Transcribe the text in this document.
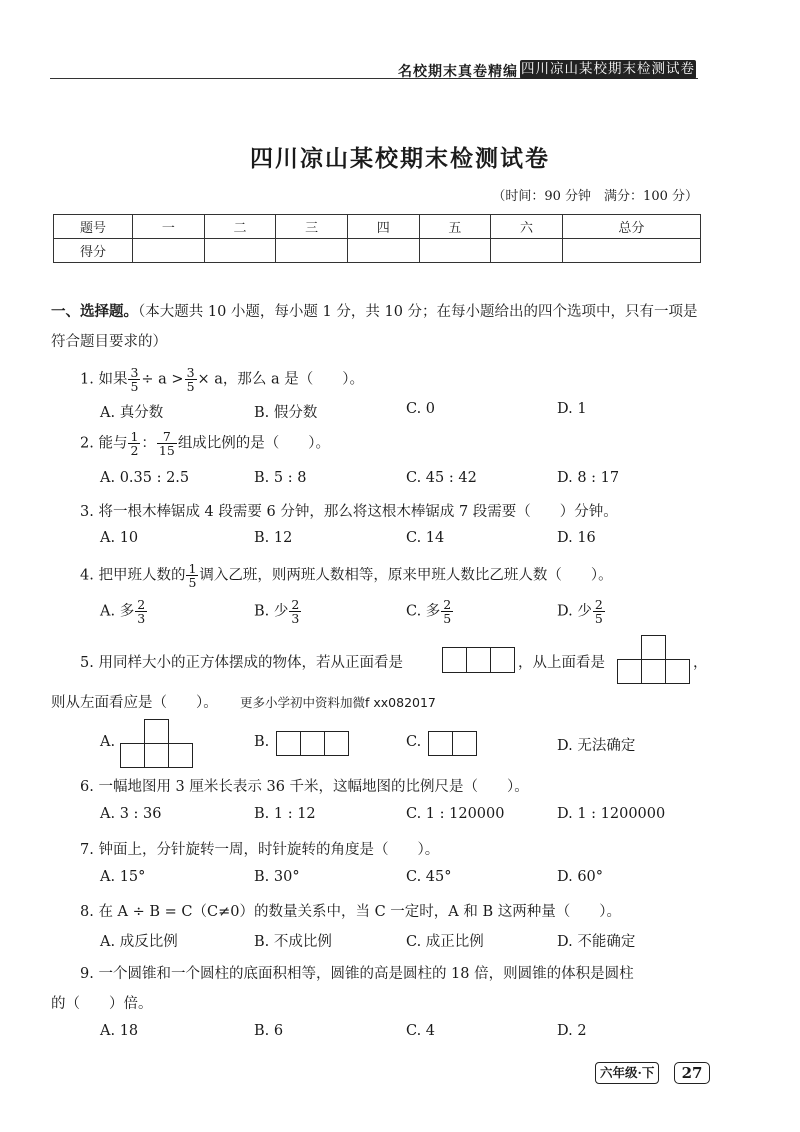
名校期末真卷精编 四川凉山某校期末检测试卷
四川凉山某校期末检测试卷
（时间：90 分钟　满分：100 分）
题号	一	二	三	四	五	六	总分
得分							
一、选择题。（本大题共 10 小题，每小题 1 分，共 10 分；在每小题给出的四个选项中，只有一项是符合题目要求的）
1. 如果 $\frac{3}{5} \div a > \frac{3}{5} \times a$，那么 a 是（　　）。
A. 真分数	B. 假分数	C. 0	D. 1
2. 能与 $\frac{1}{2}$ ： $\frac{7}{15}$ 组成比例的是（　　）。
A. 0.35 : 2.5	B. 5 : 8	C. 45 : 42	D. 8 : 17
3. 将一根木棒锯成 4 段需要 6 分钟，那么将这根木棒锯成 7 段需要（　　）分钟。
A. 10	B. 12	C. 14	D. 16
4. 把甲班人数的 $\frac{1}{5}$ 调入乙班，则两班人数相等，原来甲班人数比乙班人数（　　）。
A. 多 $\frac{2}{3}$	B. 少 $\frac{2}{3}$	C. 多 $\frac{2}{5}$	D. 少 $\frac{2}{5}$
5. 用同样大小的正方体摆成的物体，若从正面看是	，从上面看是	，
则从左面看应是（　　）。 更多小学初中资料加微f xx082017
A.	B.	C.	D. 无法确定
6. 一幅地图用 3 厘米长表示 36 千米，这幅地图的比例尺是（　　）。
A. 3 : 36	B. 1 : 12	C. 1 : 120000	D. 1 : 1200000
7. 钟面上，分针旋转一周，时针旋转的角度是（　　）。
A. 15°	B. 30°	C. 45°	D. 60°
8. 在 A ÷ B = C（C≠0）的数量关系中，当 C 一定时，A 和 B 这两种量（　　）。
A. 成反比例	B. 不成比例	C. 成正比例	D. 不能确定
9. 一个圆锥和一个圆柱的底面积相等，圆锥的高是圆柱的 18 倍，则圆锥的体积是圆柱
的（　　）倍。
A. 18	B. 6	C. 4	D. 2
六年级·下	27
